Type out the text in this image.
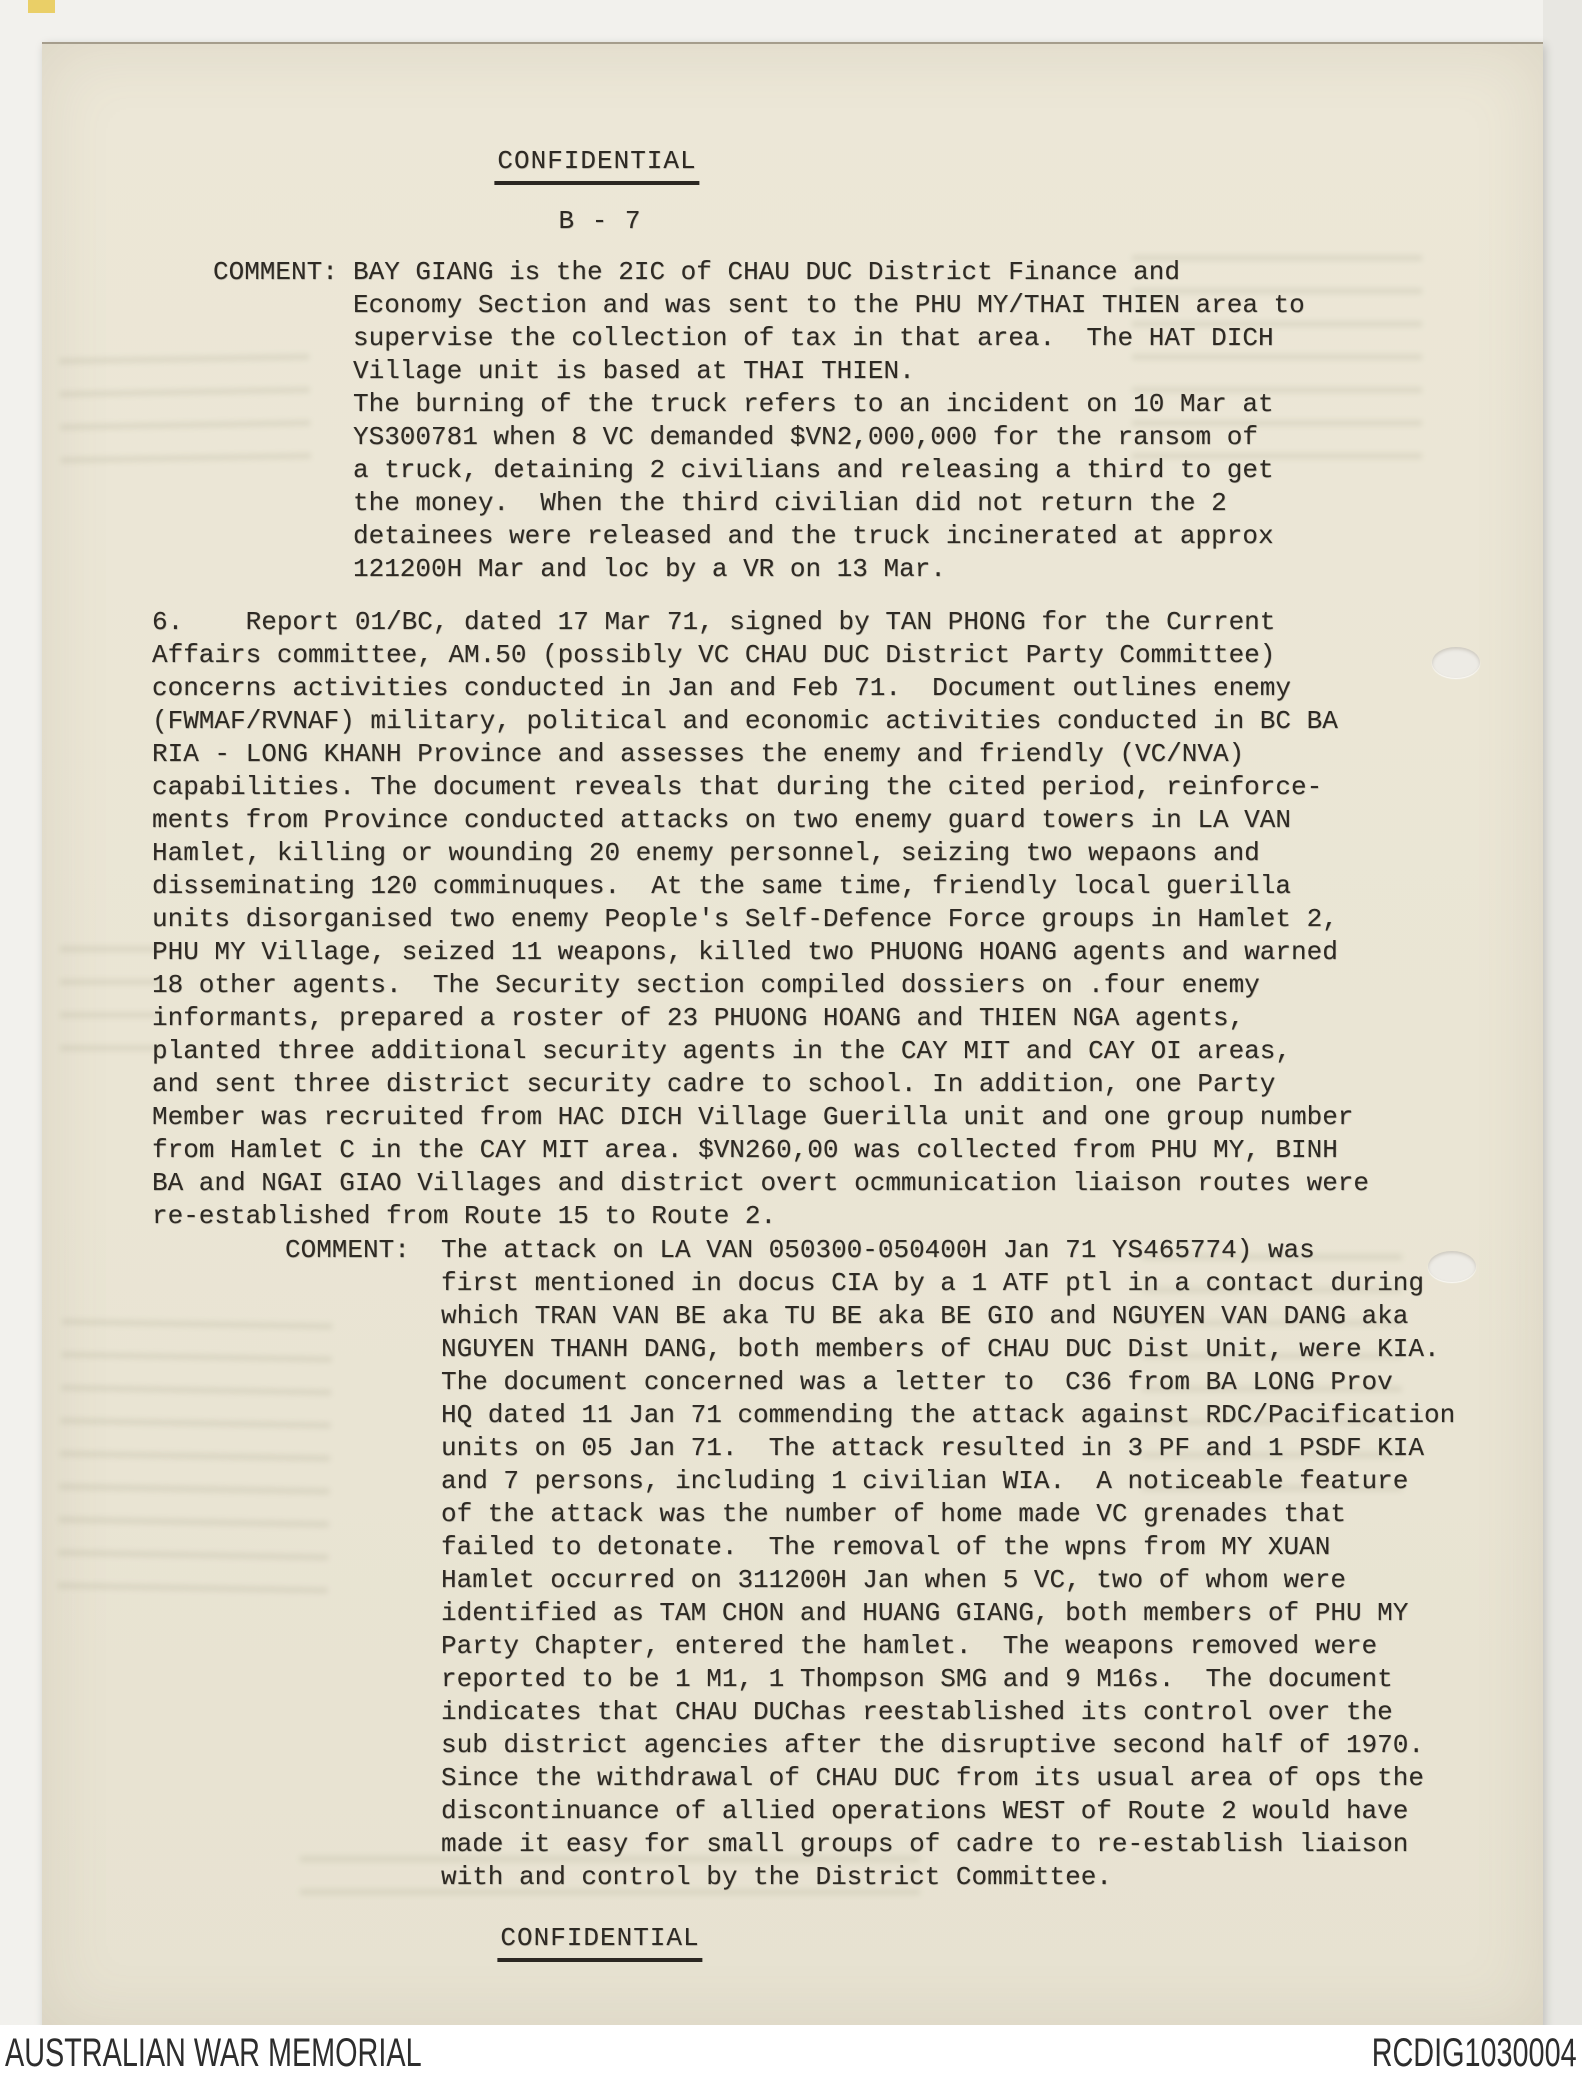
CONFIDENTIAL
B - 7
COMMENT: BAY GIANG is the 2IC of CHAU DUC District Finance and
Economy Section and was sent to the PHU MY/THAI THIEN area to
supervise the collection of tax in that area.  The HAT DICH
Village unit is based at THAI THIEN.
The burning of the truck refers to an incident on 10 Mar at
YS300781 when 8 VC demanded $VN2,000,000 for the ransom of
a truck, detaining 2 civilians and releasing a third to get
the money.  When the third civilian did not return the 2
detainees were released and the truck incinerated at approx
121200H Mar and loc by a VR on 13 Mar.
6.    Report 01/BC, dated 17 Mar 71, signed by TAN PHONG for the Current
Affairs committee, AM.50 (possibly VC CHAU DUC District Party Committee)
concerns activities conducted in Jan and Feb 71.  Document outlines enemy
(FWMAF/RVNAF) military, political and economic activities conducted in BC BA
RIA - LONG KHANH Province and assesses the enemy and friendly (VC/NVA)
capabilities. The document reveals that during the cited period, reinforce-
ments from Province conducted attacks on two enemy guard towers in LA VAN
Hamlet, killing or wounding 20 enemy personnel, seizing two wepaons and
disseminating 120 comminuques.  At the same time, friendly local guerilla
units disorganised two enemy People's Self-Defence Force groups in Hamlet 2,
PHU MY Village, seized 11 weapons, killed two PHUONG HOANG agents and warned
18 other agents.  The Security section compiled dossiers on .four enemy
informants, prepared a roster of 23 PHUONG HOANG and THIEN NGA agents,
planted three additional security agents in the CAY MIT and CAY OI areas,
and sent three district security cadre to school. In addition, one Party
Member was recruited from HAC DICH Village Guerilla unit and one group number
from Hamlet C in the CAY MIT area. $VN260,00 was collected from PHU MY, BINH
BA and NGAI GIAO Villages and district overt ocmmunication liaison routes were
re-established from Route 15 to Route 2.
COMMENT: The attack on LA VAN 050300-050400H Jan 71 YS465774) was
first mentioned in docus CIA by a 1 ATF ptl in a contact during
which TRAN VAN BE aka TU BE aka BE GIO and NGUYEN VAN DANG aka
NGUYEN THANH DANG, both members of CHAU DUC Dist Unit, were KIA.
The document concerned was a letter to  C36 from BA LONG Prov
HQ dated 11 Jan 71 commending the attack against RDC/Pacification
units on 05 Jan 71.  The attack resulted in 3 PF and 1 PSDF KIA
and 7 persons, including 1 civilian WIA.  A noticeable feature
of the attack was the number of home made VC grenades that
failed to detonate.  The removal of the wpns from MY XUAN
Hamlet occurred on 311200H Jan when 5 VC, two of whom were
identified as TAM CHON and HUANG GIANG, both members of PHU MY
Party Chapter, entered the hamlet.  The weapons removed were
reported to be 1 M1, 1 Thompson SMG and 9 M16s.  The document
indicates that CHAU DUChas reestablished its control over the
sub district agencies after the disruptive second half of 1970.
Since the withdrawal of CHAU DUC from its usual area of ops the
discontinuance of allied operations WEST of Route 2 would have
made it easy for small groups of cadre to re-establish liaison
with and control by the District Committee.
CONFIDENTIAL
AUSTRALIAN WAR MEMORIAL	RCDIG1030004
